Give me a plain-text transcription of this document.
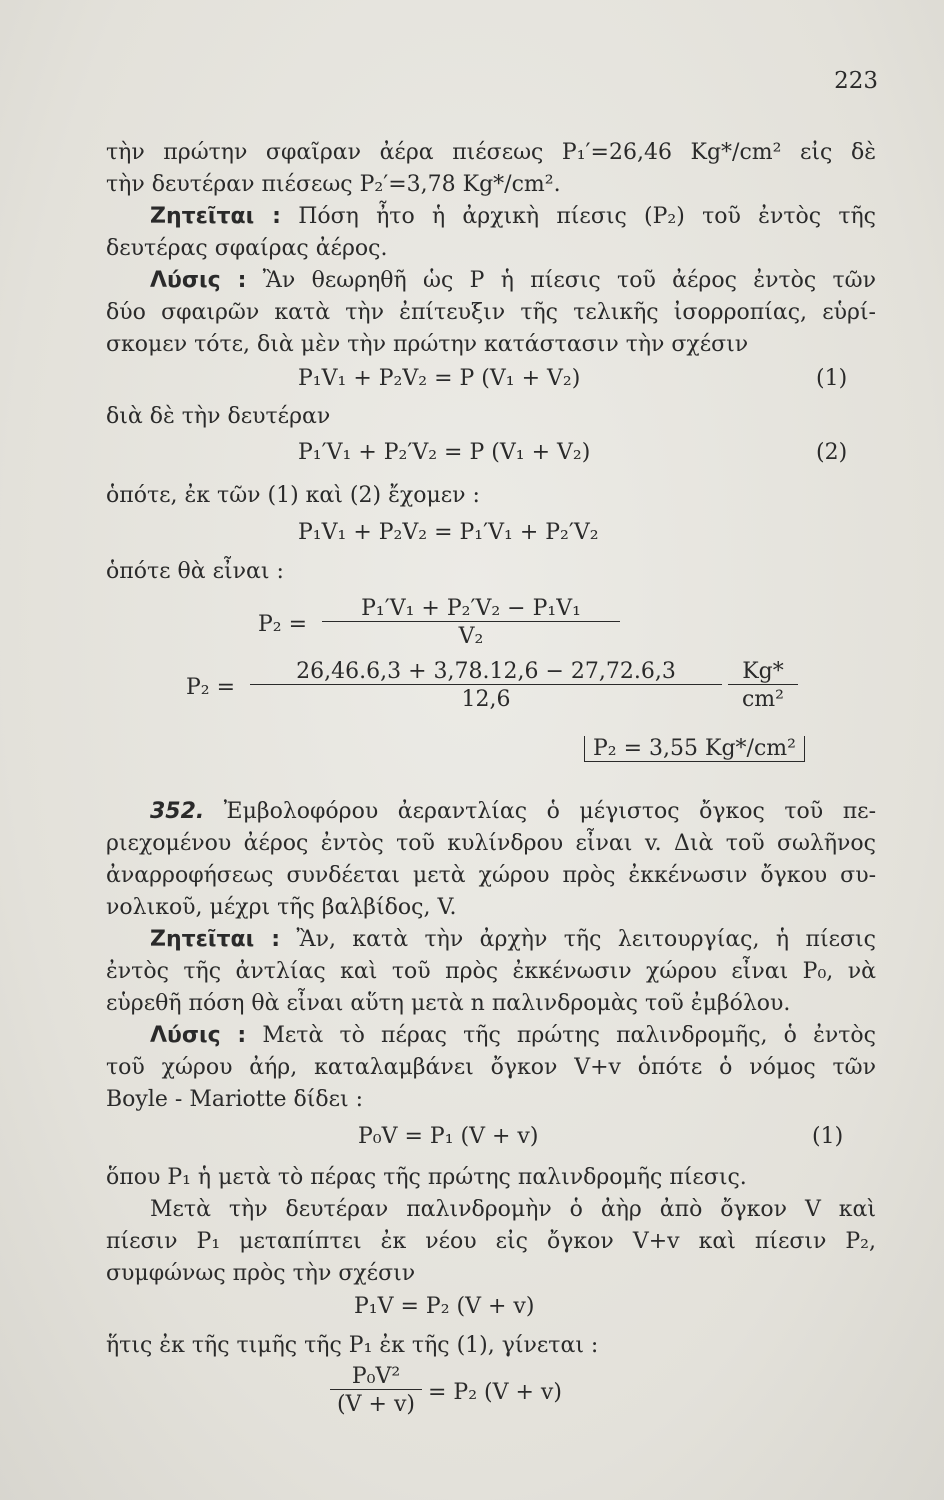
223
τὴν πρώτην σφαῖραν ἀέρα πιέσεως P₁′=26,46 Kg*/cm² εἰς δὲ
τὴν δευτέραν πιέσεως P₂′=3,78 Kg*/cm².
Ζητεῖται : Πόση ἦτο ἡ ἀρχικὴ πίεσις (P₂) τοῦ ἐντὸς τῆς
δευτέρας σφαίρας ἀέρος.
Λύσις : Ἂν θεωρηθῆ ὡς P ἡ πίεσις τοῦ ἀέρος ἐντὸς τῶν
δύο σφαιρῶν κατὰ τὴν ἐπίτευξιν τῆς τελικῆς ἰσορροπίας, εὑρί-
σκομεν τότε, διὰ μὲν τὴν πρώτην κατάστασιν τὴν σχέσιν
P₁V₁ + P₂V₂ = P (V₁ + V₂)	(1)
διὰ δὲ τὴν δευτέραν
P₁′V₁ + P₂′V₂ = P (V₁ + V₂)	(2)
ὁπότε, ἐκ τῶν (1) καὶ (2) ἔχομεν :
P₁V₁ + P₂V₂ = P₁′V₁ + P₂′V₂
ὁπότε θὰ εἶναι :
$P_2 = \frac{\text{P₁′V₁ + P₂′V₂ − P₁V₁}}{\text{V₂}}$
$P_2 = \frac{26,46.6,3 + 3,78.12,6 - 27,72.6,3}{12,6} \frac{Kg*}{\text{cm²}}$
P₂ = 3,55 Kg*/cm²
352. Ἐμβολοφόρου ἀεραντλίας ὁ μέγιστος ὄγκος τοῦ πε-
ριεχομένου ἀέρος ἐντὸς τοῦ κυλίνδρου εἶναι v. Διὰ τοῦ σωλῆνος
ἀναρροφήσεως συνδέεται μετὰ χώρου πρὸς ἐκκένωσιν ὄγκου συ-
νολικοῦ, μέχρι τῆς βαλβίδος, V.
Ζητεῖται : Ἂν, κατὰ τὴν ἀρχὴν τῆς λειτουργίας, ἡ πίεσις
ἐντὸς τῆς ἀντλίας καὶ τοῦ πρὸς ἐκκένωσιν χώρου εἶναι P₀, νὰ
εὑρεθῆ πόση θὰ εἶναι αὕτη μετὰ n παλινδρομὰς τοῦ ἐμβόλου.
Λύσις : Μετὰ τὸ πέρας τῆς πρώτης παλινδρομῆς, ὁ ἐντὸς
τοῦ χώρου ἀήρ, καταλαμβάνει ὄγκον V+v ὁπότε ὁ νόμος τῶν
Boyle - Mariotte δίδει :
P₀V = P₁ (V + v)	(1)
ὅπου P₁ ἡ μετὰ τὸ πέρας τῆς πρώτης παλινδρομῆς πίεσις.
Μετὰ τὴν δευτέραν παλινδρομὴν ὁ ἀὴρ ἀπὸ ὄγκον V καὶ
πίεσιν P₁ μεταπίπτει ἐκ νέου εἰς ὄγκον V+v καὶ πίεσιν P₂,
συμφώνως πρὸς τὴν σχέσιν
P₁V = P₂ (V + v)
ἥτις ἐκ τῆς τιμῆς τῆς P₁ ἐκ τῆς (1), γίνεται :
$\frac{\text{P₀V²}}{(V + v)} = P_2$ (V + v)
